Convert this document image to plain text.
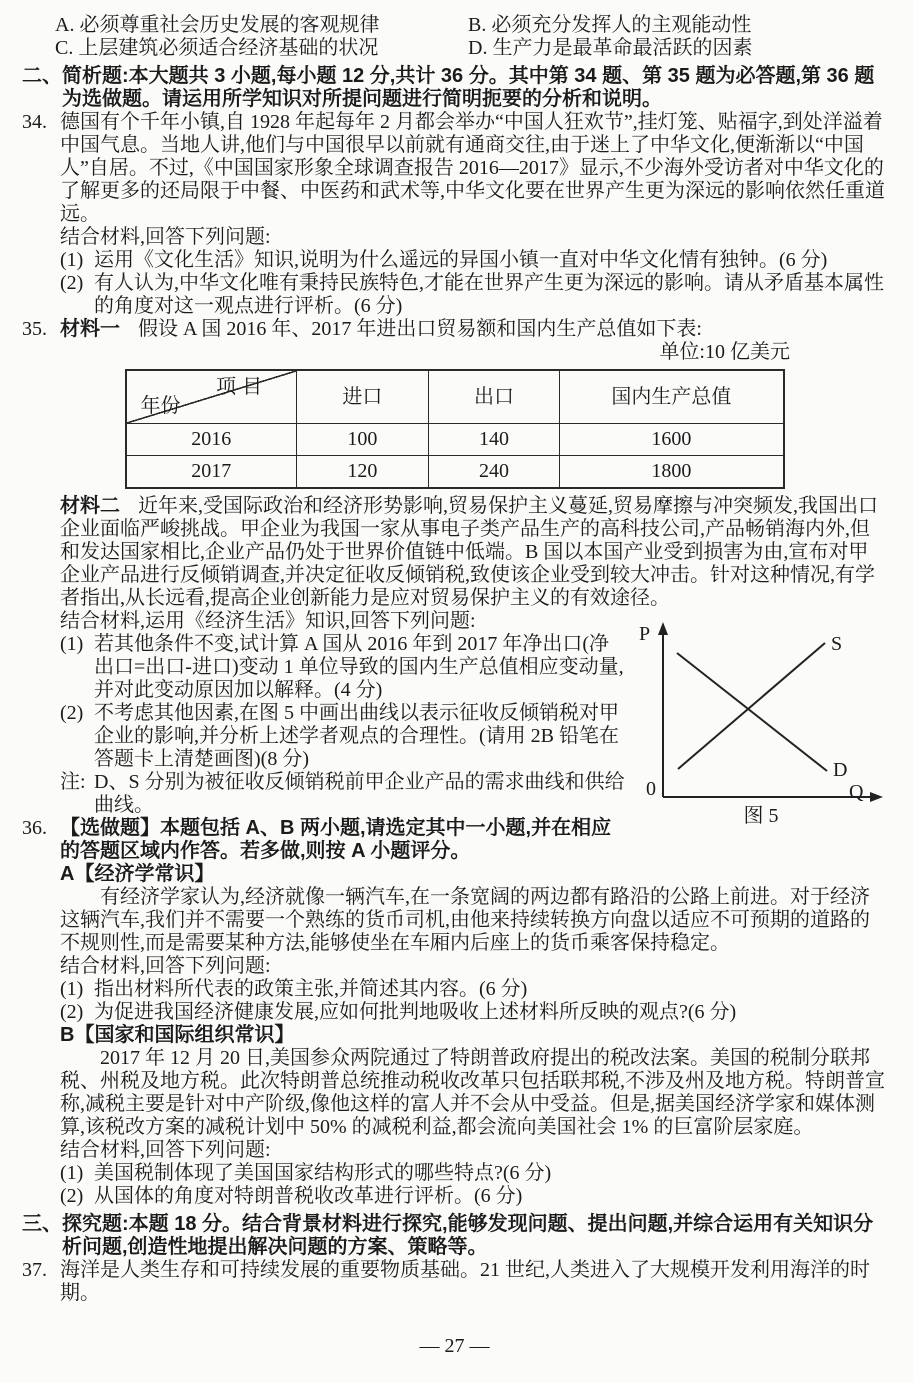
A. 必须尊重社会历史发展的客观规律	B. 必须充分发挥人的主观能动性
C. 上层建筑必须适合经济基础的状况	D. 生产力是最革命最活跃的因素
二、简析题:本大题共 3 小题,每小题 12 分,共计 36 分。其中第 34 题、第 35 题为必答题,第 36 题为选做题。请运用所学知识对所提问题进行简明扼要的分析和说明。
34. 德国有个千年小镇,自 1928 年起每年 2 月都会举办“中国人狂欢节”,挂灯笼、贴福字,到处洋溢着中国气息。当地人讲,他们与中国很早以前就有通商交往,由于迷上了中华文化,便渐渐以“中国人”自居。不过,《中国国家形象全球调查报告 2016—2017》显示,不少海外受访者对中华文化的了解更多的还局限于中餐、中医药和武术等,中华文化要在世界产生更为深远的影响依然任重道远。
结合材料,回答下列问题:
(1) 运用《文化生活》知识,说明为什么遥远的异国小镇一直对中华文化情有独钟。(6 分)
(2) 有人认为,中华文化唯有秉持民族特色,才能在世界产生更为深远的影响。请从矛盾基本属性的角度对这一观点进行评析。(6 分)
35. 材料一 假设 A 国 2016 年、2017 年进出口贸易额和国内生产总值如下表:
单位:10 亿美元
项目
年份	进口	出口	国内生产总值
2016	100	140	1600
2017	120	240	1800
材料二 近年来,受国际政治和经济形势影响,贸易保护主义蔓延,贸易摩擦与冲突频发,我国出口企业面临严峻挑战。甲企业为我国一家从事电子类产品生产的高科技公司,产品畅销海内外,但和发达国家相比,企业产品仍处于世界价值链中低端。B 国以本国产业受到损害为由,宣布对甲企业产品进行反倾销调查,并决定征收反倾销税,致使该企业受到较大冲击。针对这种情况,有学者指出,从长远看,提高企业创新能力是应对贸易保护主义的有效途径。
结合材料,运用《经济生活》知识,回答下列问题:
P
0	Q
S
D
图 5
(1) 若其他条件不变,试计算 A 国从 2016 年到 2017 年净出口(净出口=出口-进口)变动 1 单位导致的国内生产总值相应变动量,并对此变动原因加以解释。(4 分)
(2) 不考虑其他因素,在图 5 中画出曲线以表示征收反倾销税对甲企业的影响,并分析上述学者观点的合理性。(请用 2B 铅笔在答题卡上清楚画图)(8 分)
注: D、S 分别为被征收反倾销税前甲企业产品的需求曲线和供给曲线。
36. 【选做题】本题包括 A、B 两小题,请选定其中一小题,并在相应的答题区域内作答。若多做,则按 A 小题评分。
A【经济学常识】
有经济学家认为,经济就像一辆汽车,在一条宽阔的两边都有路沿的公路上前进。对于经济这辆汽车,我们并不需要一个熟练的货币司机,由他来持续转换方向盘以适应不可预期的道路的不规则性,而是需要某种方法,能够使坐在车厢内后座上的货币乘客保持稳定。
结合材料,回答下列问题:
(1) 指出材料所代表的政策主张,并简述其内容。(6 分)
(2) 为促进我国经济健康发展,应如何批判地吸收上述材料所反映的观点?(6 分)
B【国家和国际组织常识】
2017 年 12 月 20 日,美国参众两院通过了特朗普政府提出的税改法案。美国的税制分联邦税、州税及地方税。此次特朗普总统推动税收改革只包括联邦税,不涉及州及地方税。特朗普宣称,减税主要是针对中产阶级,像他这样的富人并不会从中受益。但是,据美国经济学家和媒体测算,该税改方案的减税计划中 50% 的减税利益,都会流向美国社会 1% 的巨富阶层家庭。
结合材料,回答下列问题:
(1) 美国税制体现了美国国家结构形式的哪些特点?(6 分)
(2) 从国体的角度对特朗普税收改革进行评析。(6 分)
三、探究题:本题 18 分。结合背景材料进行探究,能够发现问题、提出问题,并综合运用有关知识分析问题,创造性地提出解决问题的方案、策略等。
37. 海洋是人类生存和可持续发展的重要物质基础。21 世纪,人类进入了大规模开发利用海洋的时期。
— 27 —
